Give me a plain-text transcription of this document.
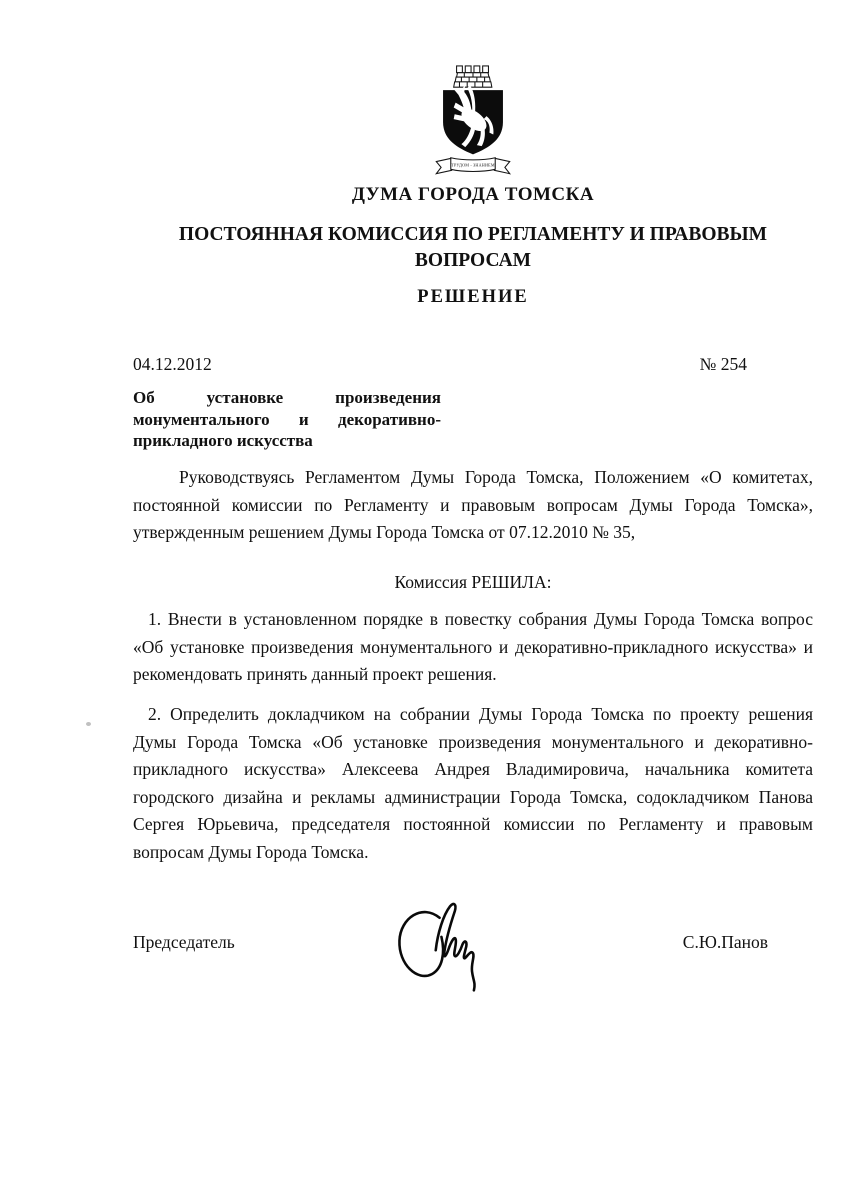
ТРУДОМ - ЗНАНИЕМ
ДУМА ГОРОДА ТОМСКА
ПОСТОЯННАЯ КОМИССИЯ ПО РЕГЛАМЕНТУ И ПРАВОВЫМ ВОПРОСАМ
РЕШЕНИЕ
04.12.2012	№ 254
Об установке произведения монументального и декоративно-прикладного искусства

Руководствуясь Регламентом Думы Города Томска, Положением «О комитетах, постоянной комиссии по Регламенту и правовым вопросам Думы Города Томска», утвержденным решением Думы Города Томска от 07.12.2010 № 35,

Комиссия РЕШИЛА:

1. Внести в установленном порядке в повестку собрания Думы Города Томска вопрос «Об установке произведения монументального и декоративно-прикладного искусства» и рекомендовать принять данный проект решения.

2. Определить докладчиком на собрании Думы Города Томска по проекту решения Думы Города Томска «Об установке произведения монументального и декоративно-прикладного искусства» Алексеева Андрея Владимировича, начальника комитета городского дизайна и рекламы администрации Города Томска, содокладчиком Панова Сергея Юрьевича, председателя постоянной комиссии по Регламенту и правовым вопросам Думы Города Томска.

Председатель	С.Ю.Панов
